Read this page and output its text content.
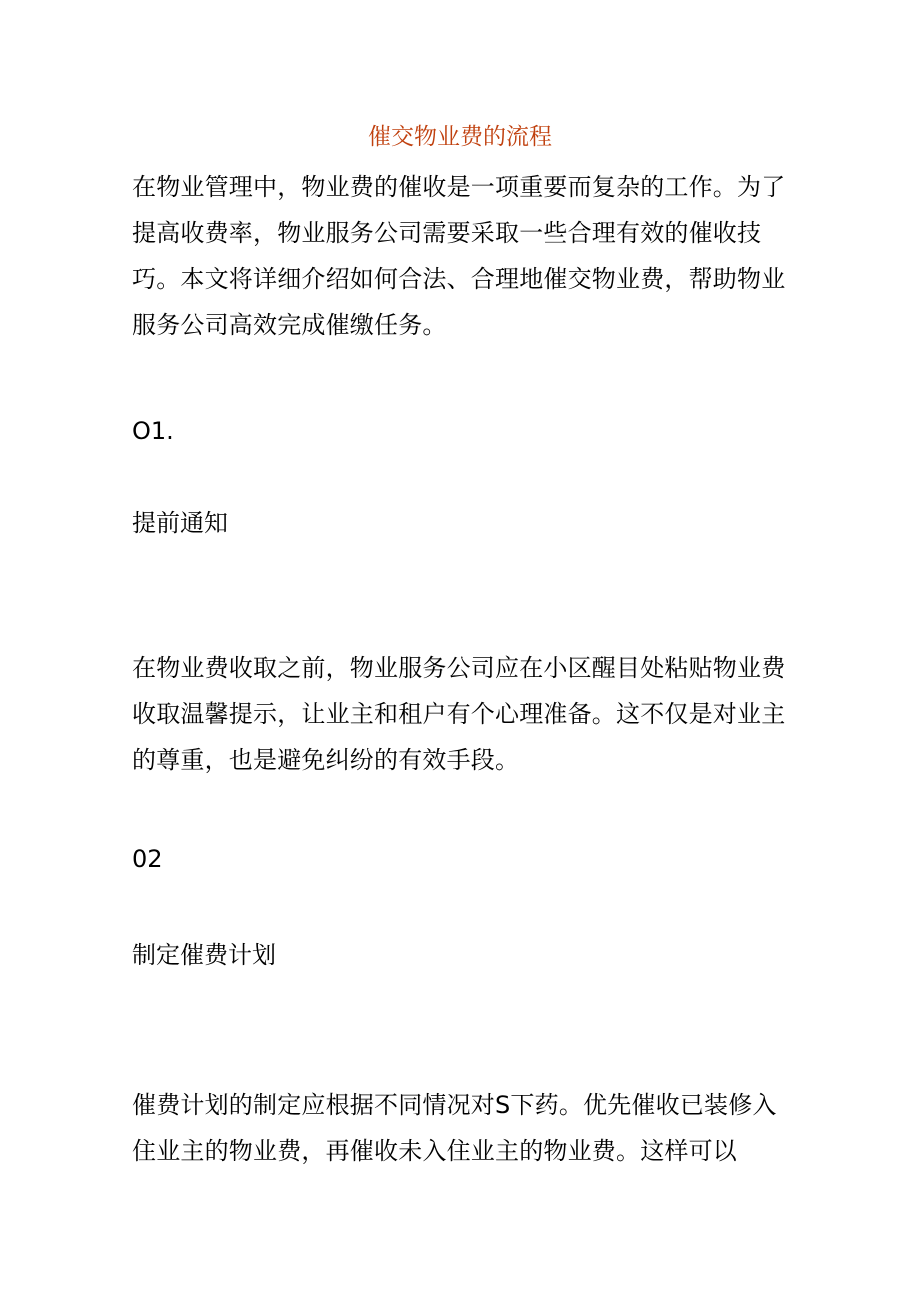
催交物业费的流程

在物业管理中，物业费的催收是一项重要而复杂的工作。为了提高收费率，物业服务公司需要采取一些合理有效的催收技巧。本文将详细介绍如何合法、合理地催交物业费，帮助物业服务公司高效完成催缴任务。

O1.
提前通知

在物业费收取之前，物业服务公司应在小区醒目处粘贴物业费收取温馨提示，让业主和租户有个心理准备。这不仅是对业主的尊重，也是避免纠纷的有效手段。

02
制定催费计划

催费计划的制定应根据不同情况对S下药。优先催收已装修入住业主的物业费，再催收未入住业主的物业费。这样可以
